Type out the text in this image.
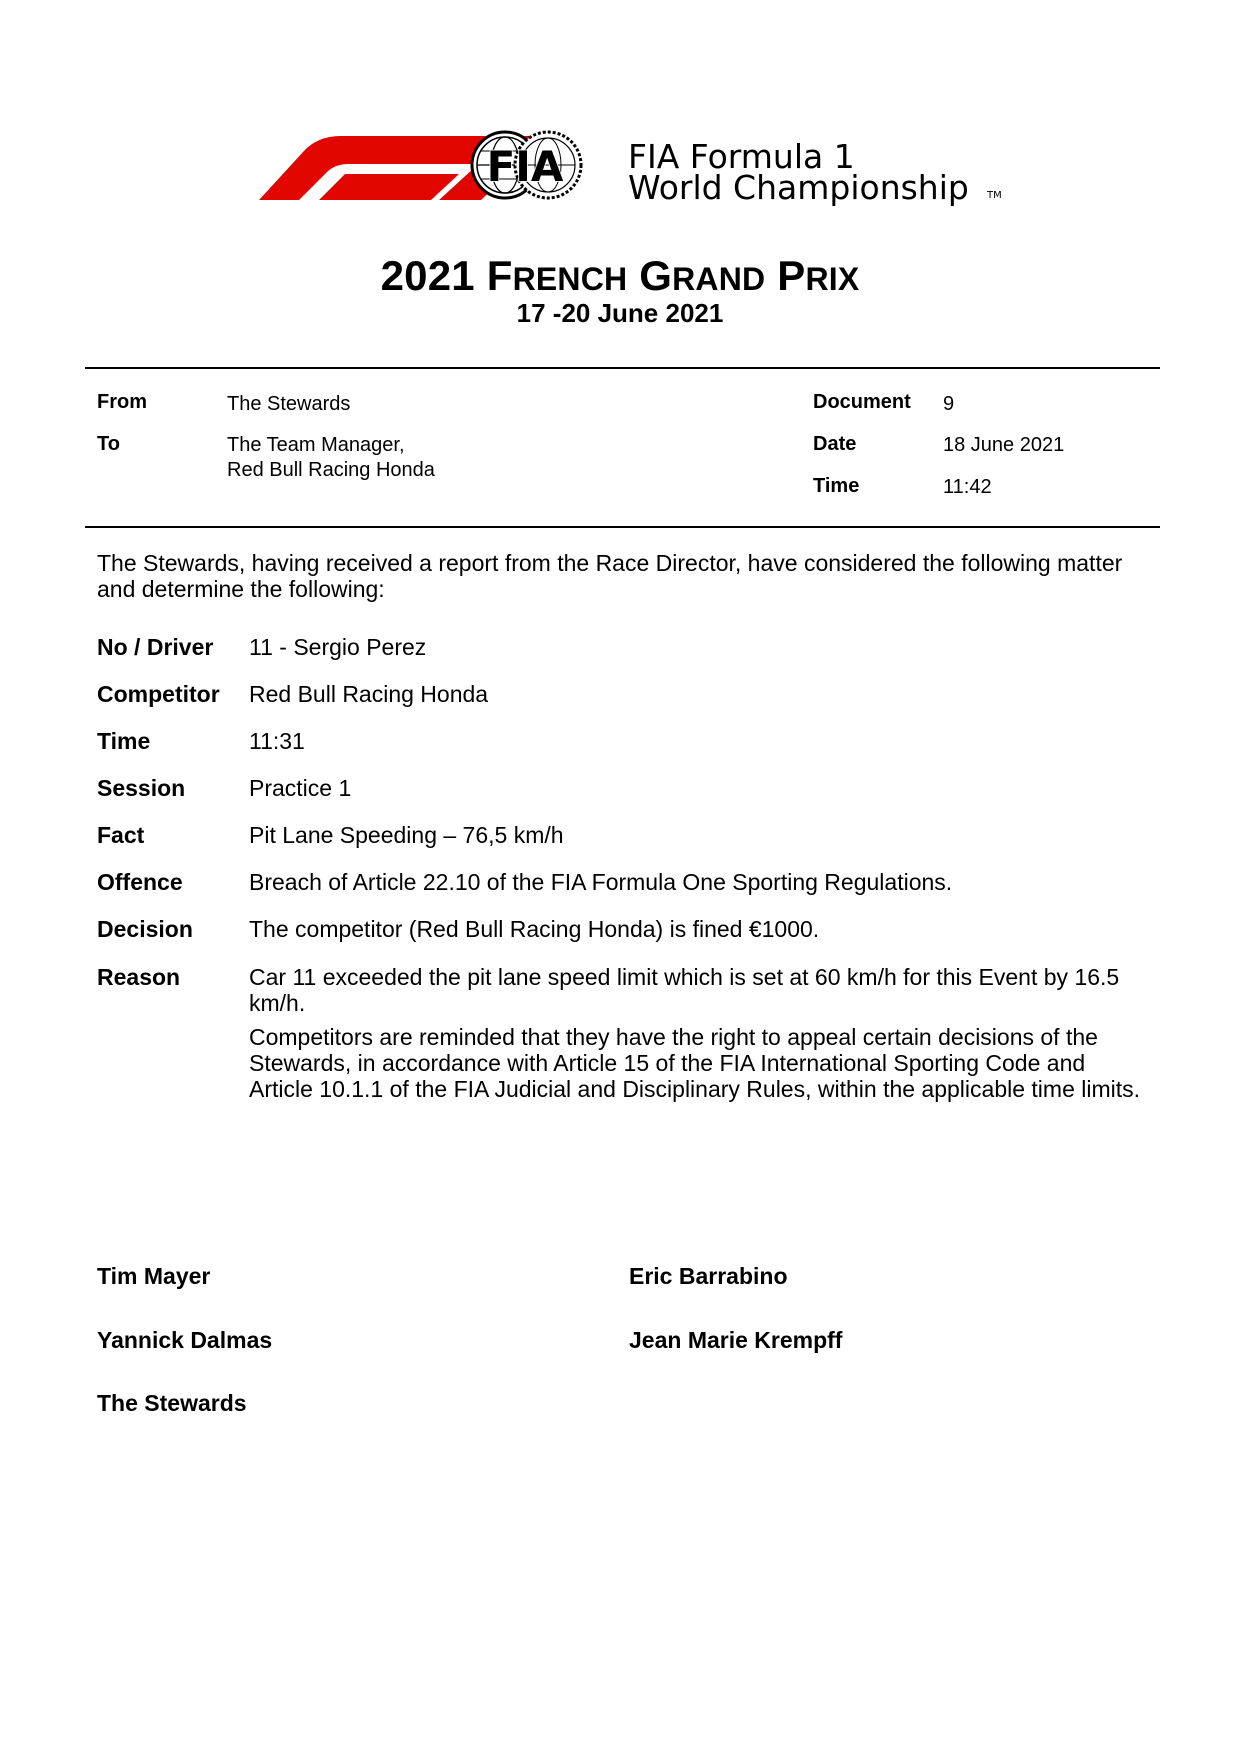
FIA FIA Formula 1
World Championship TM
2021 FRENCH GRAND PRIX
17 -20 June 2021
From	The Stewards
To	The Team Manager,
Red Bull Racing Honda
Document 9
Date	18 June 2021
Time	11:42
The Stewards, having received a report from the Race Director, have considered the following matter and determine the following:
No / Driver 11 - Sergio Perez
Competitor Red Bull Racing Honda
Time	11:31
Session	Practice 1
Fact	Pit Lane Speeding – 76,5 km/h
Offence	Breach of Article 22.10 of the FIA Formula One Sporting Regulations.
Decision The competitor (Red Bull Racing Honda) is fined €1000.
Reason	Car 11 exceeded the pit lane speed limit which is set at 60 km/h for this Event by 16.5 km/h.
Competitors are reminded that they have the right to appeal certain decisions of the Stewards, in accordance with Article 15 of the FIA International Sporting Code and Article 10.1.1 of the FIA Judicial and Disciplinary Rules, within the applicable time limits.
Tim Mayer	Eric Barrabino
Yannick Dalmas	Jean Marie Krempff
The Stewards
